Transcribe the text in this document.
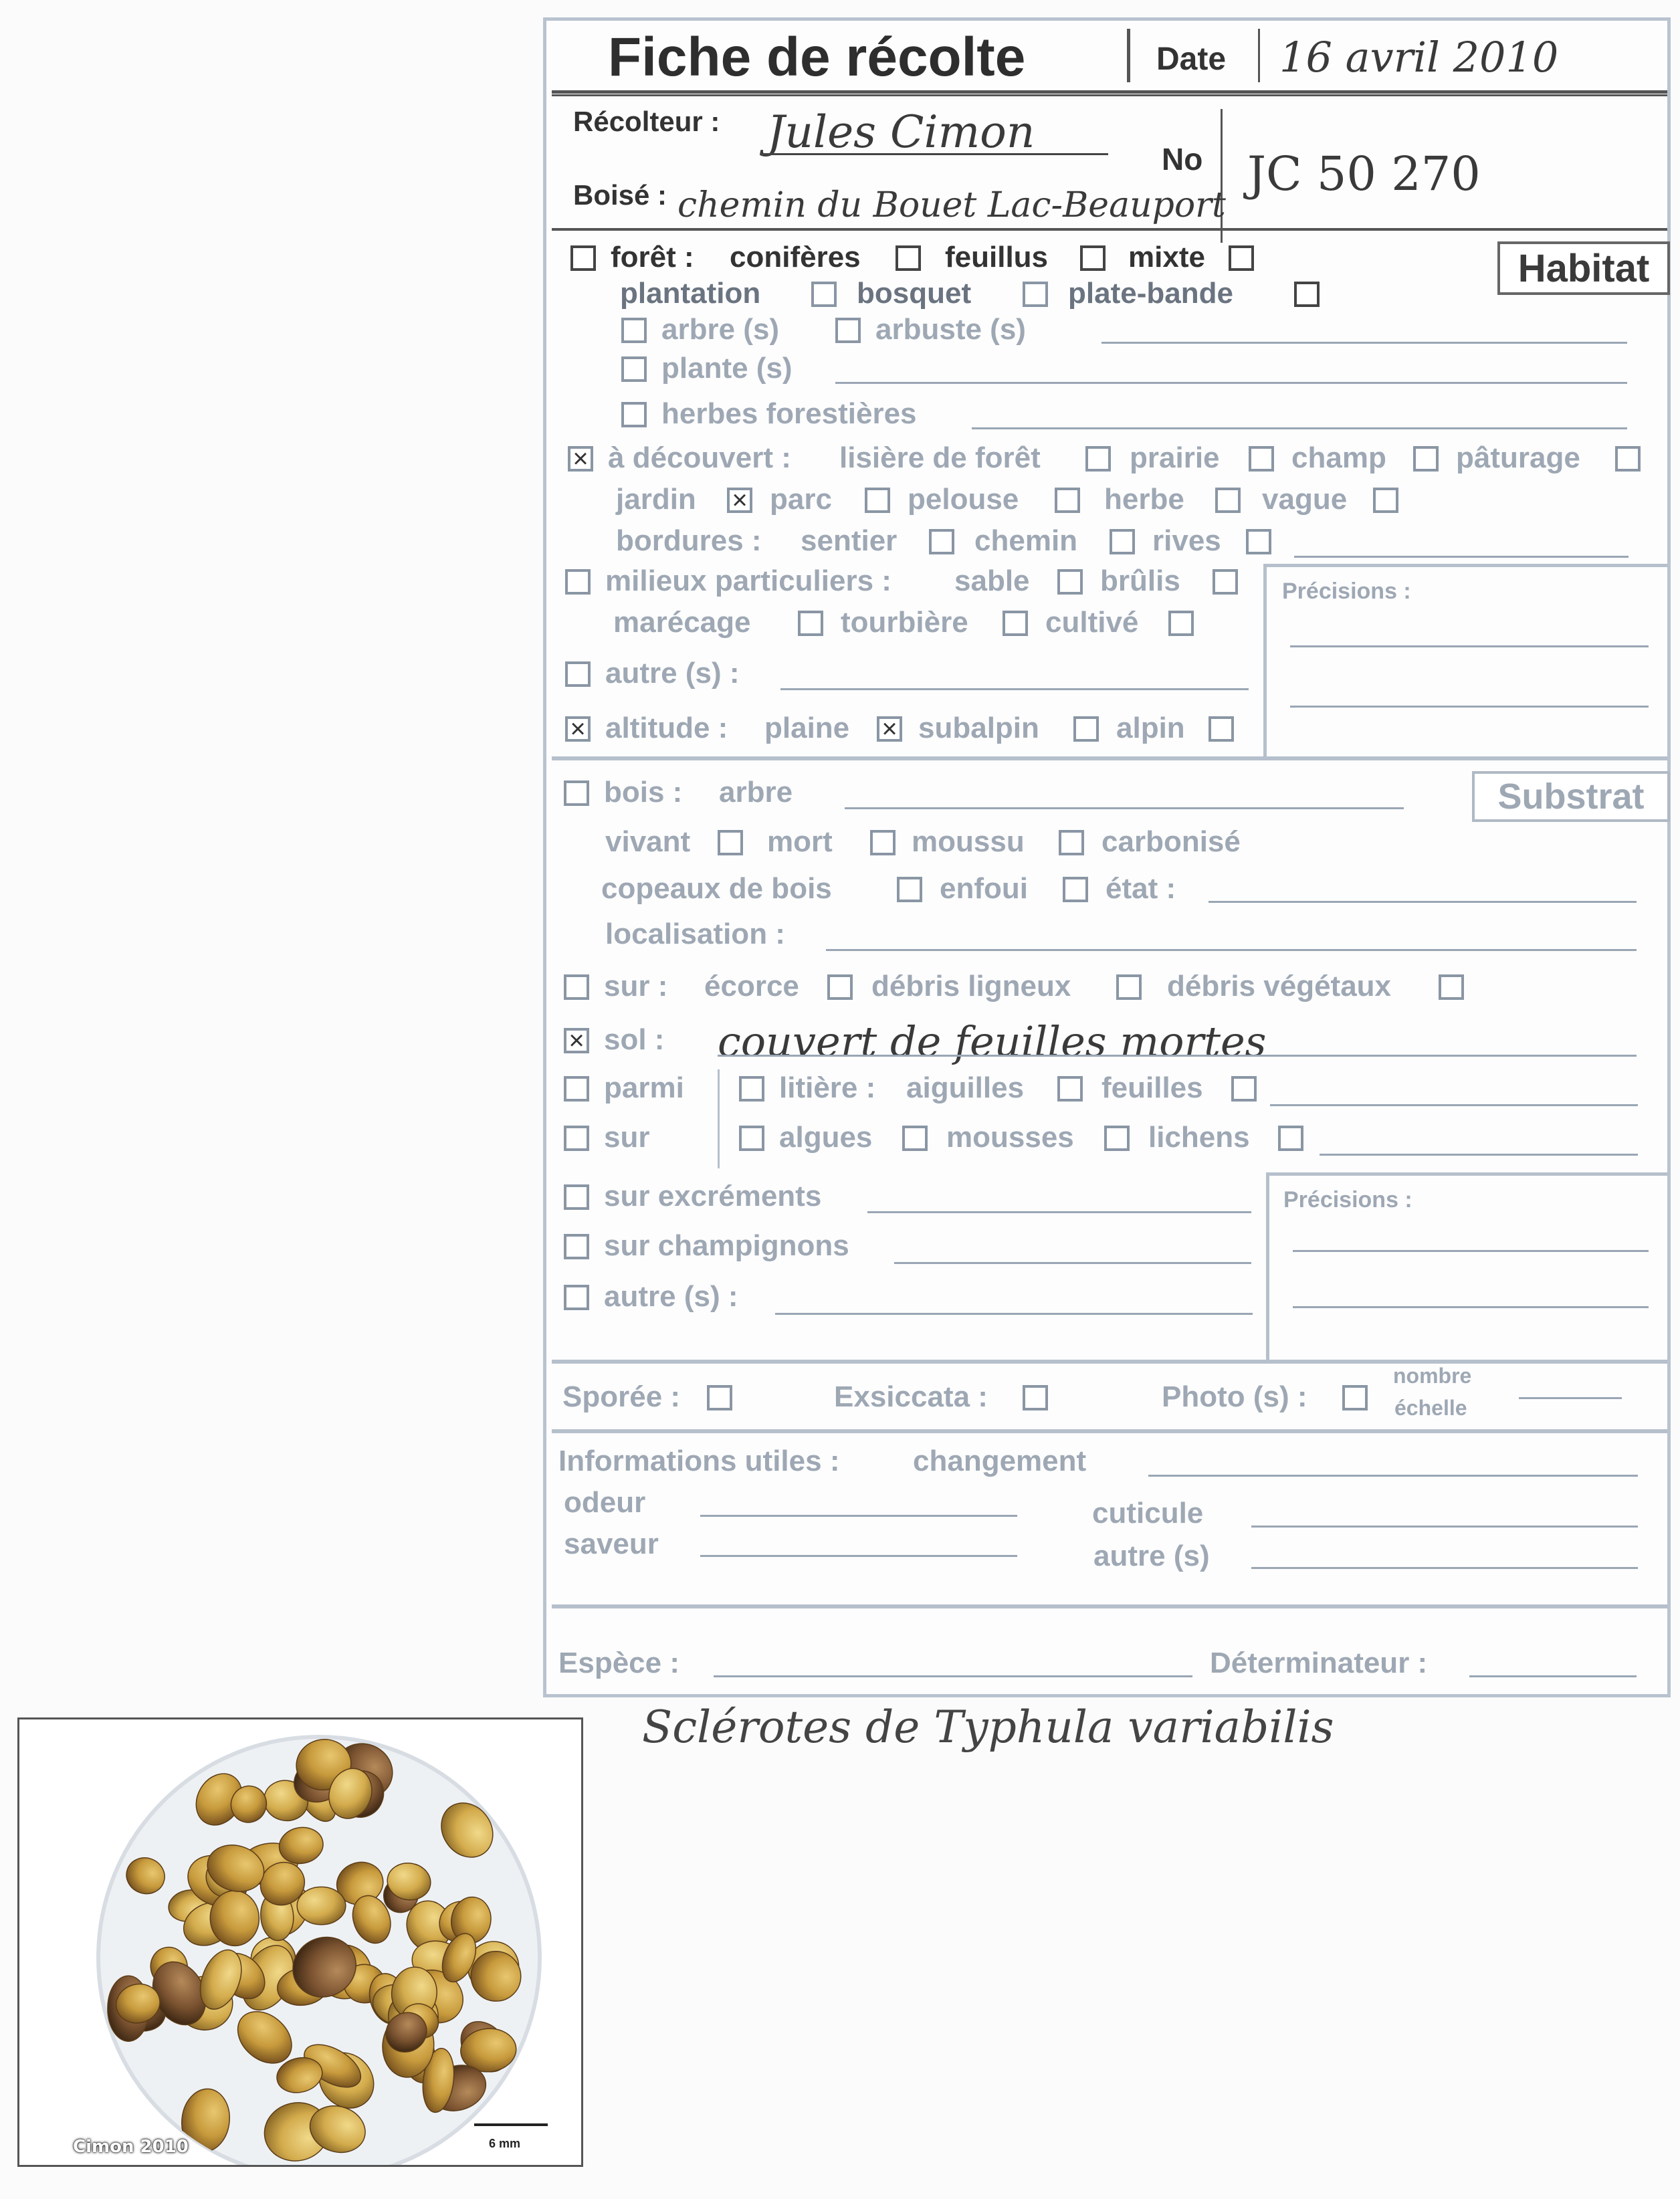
Fiche de récolte	Date 16 avril 2010
Récolteur : Jules Cimon
No JC 50 270
Boisé : chemin du Bouet Lac-Beauport
Habitat
forêt : conifères	feuillus	mixte
plantation	bosquet	plate-bande
arbre (s)	arbuste (s)
plante (s)
herbes forestières
× à découvert : lisière de forêt	prairie champ pâturage
jardin × parc	pelouse	herbe	vague
bordures : sentier	chemin	rives
Précisions :
milieux particuliers : sable brûlis
marécage	tourbière	cultivé
autre (s) :
× altitude : plaine × subalpin	alpin
Substrat
bois : arbre
vivant	mort	moussu	carbonisé
copeaux de bois	enfoui	état :
localisation :
sur : écorce débris ligneux	débris végétaux
× sol : couvert de feuilles mortes
parmi	litière : aiguilles	feuilles
sur	algues	mousses	lichens
Précisions :
sur excréments
sur champignons
autre (s) :
Sporée :	Exsiccata :	Photo (s) :
nombre
échelle
Informations utiles : changement
odeur	cuticule
saveur	autre (s)
Espèce :	Déterminateur :
Sclérotes de Typhula variabilis
6 mm
Cimon 2010
